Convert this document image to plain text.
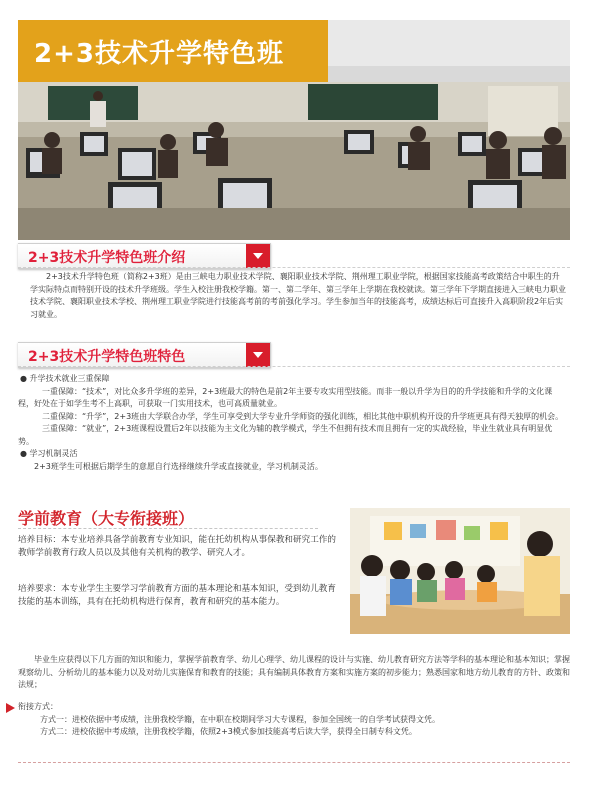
2+3技术升学特色班
2+3技术升学特色班介绍

2+3技术升学特色班（简称2+3班）是由三峡电力职业技术学院、襄阳职业技术学院、荆州理工职业学院，根据国家技能高考政策结合中职生的升学实际特点而特别开设的技术升学班级。学生入校注册我校学籍。第一、第二学年、第三学年上学期在我校就读。第三学年下学期直接进入三峡电力职业技术学院、襄阳职业技术学校、荆州理工职业学院进行技能高考前的考前强化学习。学生参加当年的技能高考，成绩达标后可直接升入高职阶段2年后实习就业。

2+3技术升学特色班特色

● 升学技术就业三重保障

一重保障：“技术”，对比众多升学班的差异，2+3班最大的特色是前2年主要专攻实用型技能。而非一般以升学为目的的升学技能和升学的文化课程，好处在于如学生考不上高职，可获取一门实用技术，也可高质量就业。

二重保障：“升学”，2+3班由大学联合办学，学生可享受到大学专业升学师资的强化训练，相比其他中职机构开设的升学班更具有得天独厚的机会。

三重保障：“就业”，2+3班课程设置后2年以技能为主文化为辅的教学模式，学生不但拥有技术而且拥有一定的实战经验，毕业生就业具有明显优势。

● 学习机制灵活

2+3班学生可根据后期学生的意愿自行选择继续升学或直接就业，学习机制灵活。

学前教育（大专衔接班）

培养目标：本专业培养具备学前教育专业知识，能在托幼机构从事保教和研究工作的教师学前教育行政人员以及其他有关机构的教学、研究人才。

培养要求：本专业学生主要学习学前教育方面的基本理论和基本知识，受到幼儿教育技能的基本训练，具有在托幼机构进行保育，教育和研究的基本能力。

毕业生应获得以下几方面的知识和能力，掌握学前教育学、幼儿心理学、幼儿课程的设计与实施、幼儿教育研究方法等学科的基本理论和基本知识；掌握观察幼儿、分析幼儿的基本能力以及对幼儿实施保育和教育的技能；具有编制具体教育方案和实施方案的初步能力；熟悉国家和地方幼儿教育的方针、政策和法规；

衔接方式：

方式一：进校依据中考成绩，注册我校学籍，在中职在校期间学习大专课程，参加全国统一的自学考试获得文凭。

方式二：进校依据中考成绩，注册我校学籍，依照2+3模式参加技能高考后读大学，获得全日制专科文凭。
